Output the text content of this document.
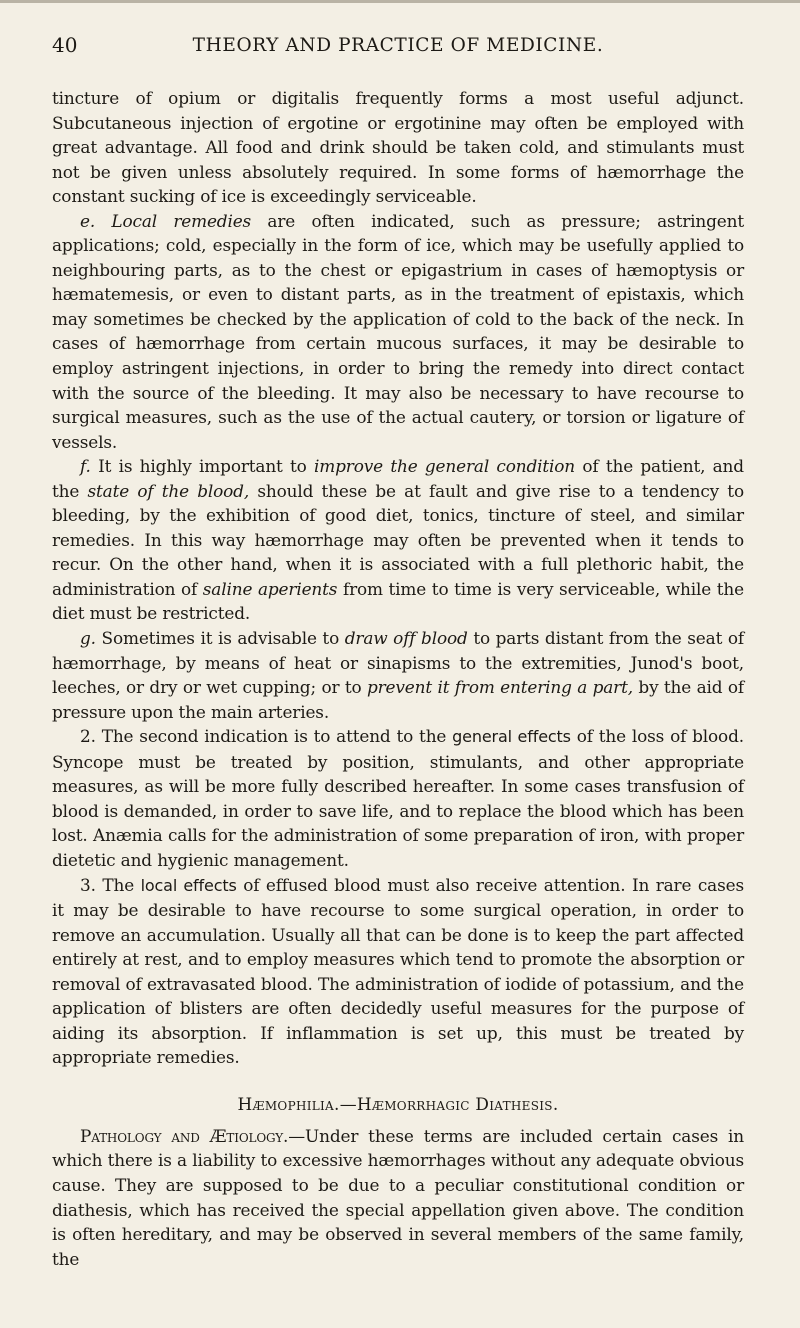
40	THEORY AND PRACTICE OF MEDICINE.

tincture of opium or digitalis frequently forms a most useful adjunct. Subcutaneous injection of ergotine or ergotinine may often be employed with great advantage. All food and drink should be taken cold, and stimulants must not be given unless absolutely required. In some forms of hæmorrhage the constant sucking of ice is exceedingly serviceable.

e. Local remedies are often indicated, such as pressure; astringent applications; cold, especially in the form of ice, which may be usefully applied to neighbouring parts, as to the chest or epigastrium in cases of hæmoptysis or hæmatemesis, or even to distant parts, as in the treatment of epistaxis, which may sometimes be checked by the application of cold to the back of the neck. In cases of hæmorrhage from certain mucous surfaces, it may be desirable to employ astringent injections, in order to bring the remedy into direct contact with the source of the bleeding. It may also be necessary to have recourse to surgical measures, such as the use of the actual cautery, or torsion or ligature of vessels.

f. It is highly important to improve the general condition of the patient, and the state of the blood, should these be at fault and give rise to a tendency to bleeding, by the exhibition of good diet, tonics, tincture of steel, and similar remedies. In this way hæmorrhage may often be prevented when it tends to recur. On the other hand, when it is associated with a full plethoric habit, the administration of saline aperients from time to time is very serviceable, while the diet must be restricted.

g. Sometimes it is advisable to draw off blood to parts distant from the seat of hæmorrhage, by means of heat or sinapisms to the extremities, Junod's boot, leeches, or dry or wet cupping; or to prevent it from entering a part, by the aid of pressure upon the main arteries.

2. The second indication is to attend to the general effects of the loss of blood. Syncope must be treated by position, stimulants, and other appropriate measures, as will be more fully described hereafter. In some cases transfusion of blood is demanded, in order to save life, and to replace the blood which has been lost. Anæmia calls for the administration of some preparation of iron, with proper dietetic and hygienic management.

3. The local effects of effused blood must also receive attention. In rare cases it may be desirable to have recourse to some surgical operation, in order to remove an accumulation. Usually all that can be done is to keep the part affected entirely at rest, and to employ measures which tend to promote the absorption or removal of extravasated blood. The administration of iodide of potassium, and the application of blisters are often decidedly useful measures for the purpose of aiding its absorption. If inflammation is set up, this must be treated by appropriate remedies.

Hæmophilia.—Hæmorrhagic Diathesis.

Pathology and Ætiology.—Under these terms are included certain cases in which there is a liability to excessive hæmorrhages without any adequate obvious cause. They are supposed to be due to a peculiar constitutional condition or diathesis, which has received the special appellation given above. The condition is often hereditary, and may be observed in several members of the same family, the
